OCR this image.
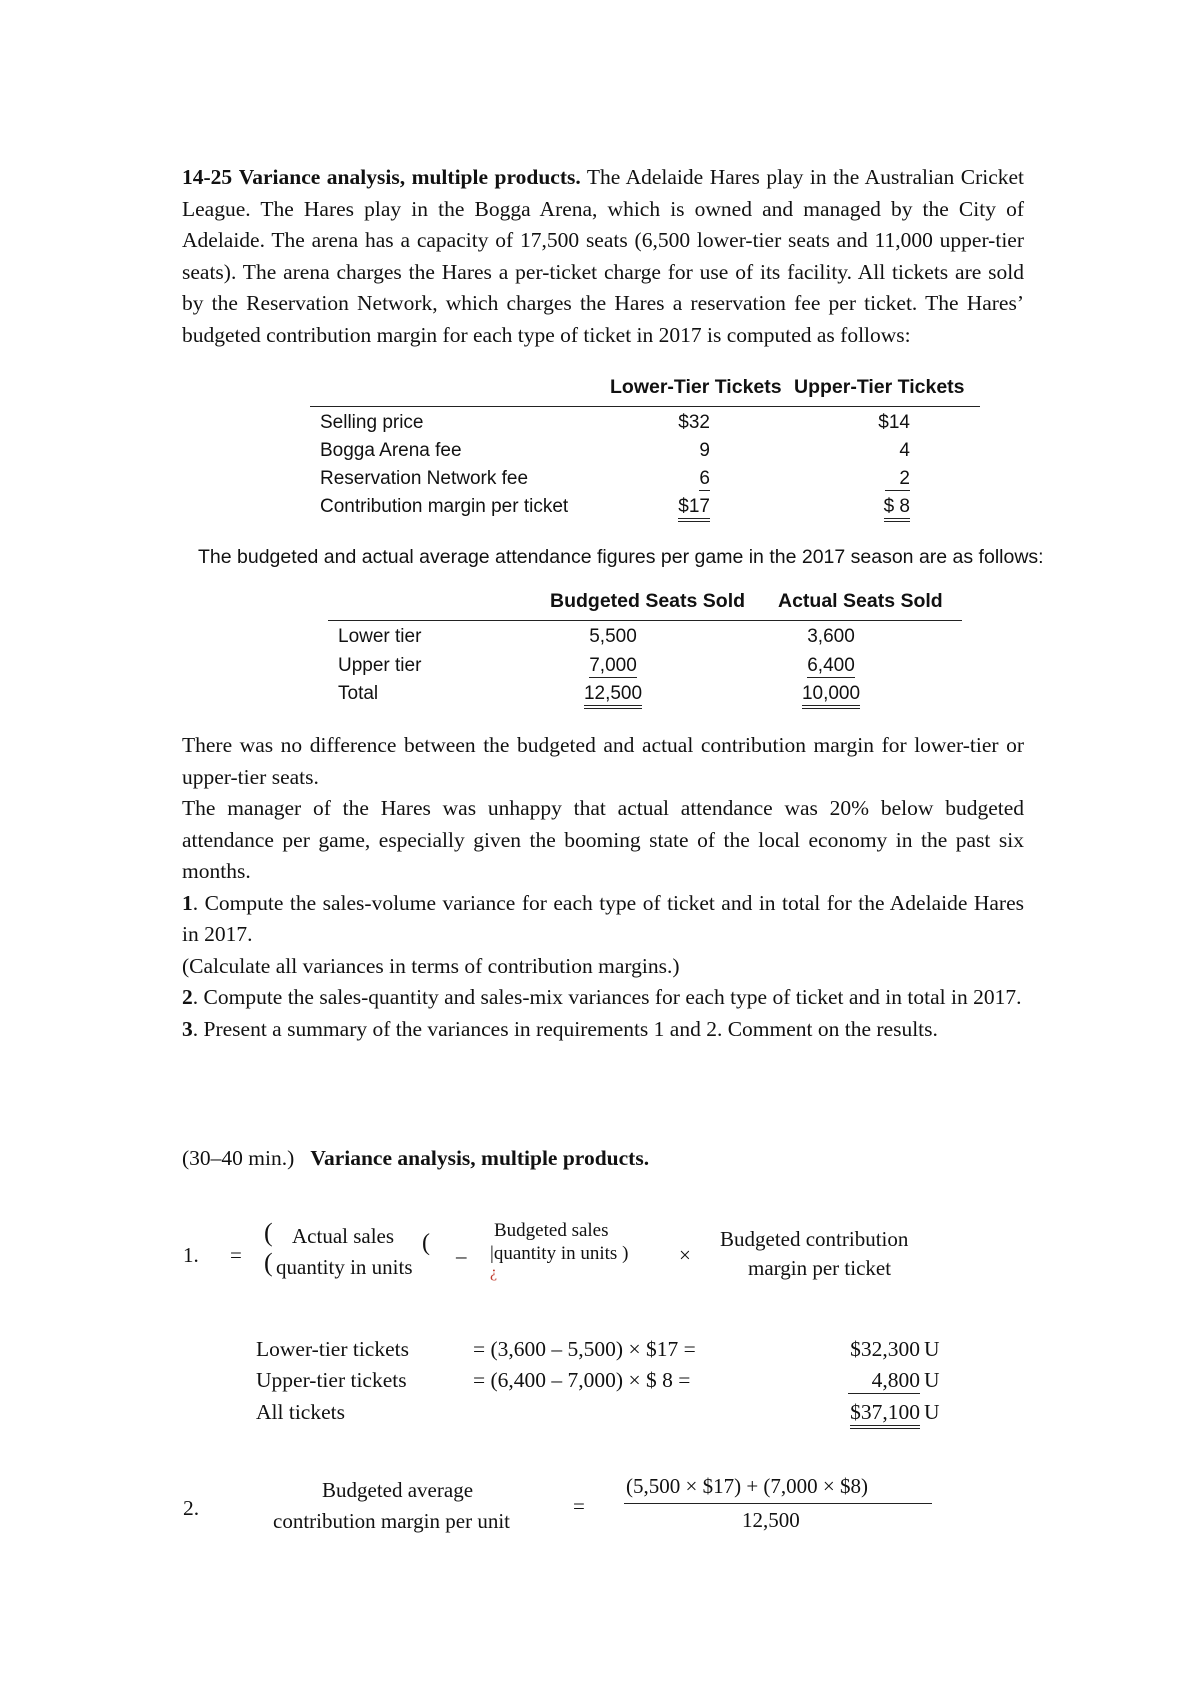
14-25 Variance analysis, multiple products. The Adelaide Hares play in the Australian Cricket League. The Hares play in the Bogga Arena, which is owned and managed by the City of Adelaide. The arena has a capacity of 17,500 seats (6,500 lower-tier seats and 11,000 upper-tier seats). The arena charges the Hares a per-ticket charge for use of its facility. All tickets are sold by the Reservation Network, which charges the Hares a reservation fee per ticket. The Hares’ budgeted contribution margin for each type of ticket in 2017 is computed as follows:

Lower-Tier Tickets Upper-Tier Tickets
Selling price	$32	$14
Bogga Arena fee	9	4
Reservation Network fee	6	2
Contribution margin per ticket	$17	$ 8
The budgeted and actual average attendance figures per game in the 2017 season are as follows:
Budgeted Seats Sold Actual Seats Sold
Lower tier	5,500	3,600
Upper tier	7,000	6,400
Total	12,500	10,000

There was no difference between the budgeted and actual contribution margin for lower-tier or upper-tier seats.

The manager of the Hares was unhappy that actual attendance was 20% below budgeted attendance per game, especially given the booming state of the local economy in the past six months.

1. Compute the sales-volume variance for each type of ticket and in total for the Adelaide Hares in 2017.

(Calculate all variances in terms of contribution margins.)

2. Compute the sales-quantity and sales-mix variances for each type of ticket and in total in 2017.

3. Present a summary of the variances in requirements 1 and 2. Comment on the results.

(30–40 min.) Variance analysis, multiple products.
1. =
(
(
Actual sales
quantity in units
( –
Budgeted sales
|quantity in units )
¿
×
Budgeted contribution
margin per ticket
Lower-tier tickets	= (3,600 – 5,500) × $17 =	$32,300 U
Upper-tier tickets	= (6,400 – 7,000) × $ 8 =	4,800 U
All tickets	$37,100 U
2.
Budgeted average
contribution margin per unit
=
(5,500 × $17) + (7,000 × $8)
12,500
